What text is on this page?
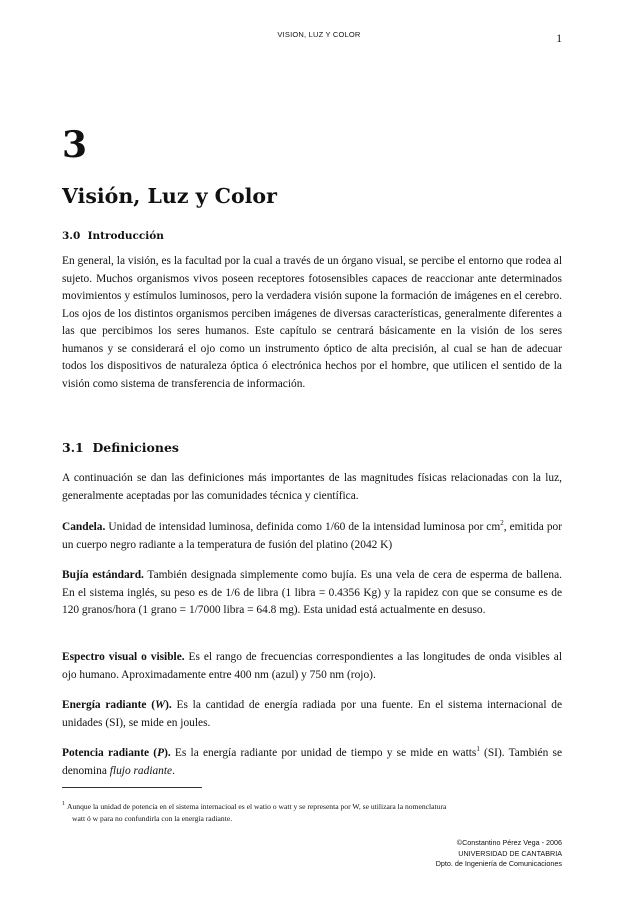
VISION, LUZ Y COLOR	1
3
Visión, Luz y Color
3.0 Introducción
En general, la visión, es la facultad por la cual a través de un órgano visual, se percibe el entorno que rodea al sujeto. Muchos organismos vivos poseen receptores fotosensibles capaces de reaccionar ante determinados movimientos y estímulos luminosos, pero la verdadera visión supone la formación de imágenes en el cerebro. Los ojos de los distintos organismos perciben imágenes de diversas características, generalmente diferentes a las que percibimos los seres humanos. Este capítulo se centrará básicamente en la visión de los seres humanos y se considerará el ojo como un instrumento óptico de alta precisión, al cual se han de adecuar todos los dispositivos de naturaleza óptica ó electrónica hechos por el hombre, que utilicen el sentido de la visión como sistema de transferencia de información.
3.1 Definiciones
A continuación se dan las definiciones más importantes de las magnitudes físicas relacionadas con la luz, generalmente aceptadas por las comunidades técnica y científica.
Candela. Unidad de intensidad luminosa, definida como 1/60 de la intensidad luminosa por $cm^2$, emitida por un cuerpo negro radiante a la temperatura de fusión del platino (2042 K)
Bujía estándard. También designada simplemente como bujía. Es una vela de cera de esperma de ballena. En el sistema inglés, su peso es de 1/6 de libra (1 libra = 0.4356 Kg) y la rapidez con que se consume es de 120 granos/hora (1 grano = 1/7000 libra = 64.8 mg). Esta unidad está actualmente en desuso.
Espectro visual o visible. Es el rango de frecuencias correspondientes a las longitudes de onda visibles al ojo humano. Aproximadamente entre 400 nm (azul) y 750 nm (rojo).
Energía radiante (W). Es la cantidad de energía radiada por una fuente. En el sistema internacional de unidades (SI), se mide en joules.
Potencia radiante (P). Es la energía radiante por unidad de tiempo y se mide en watts$^1$ (SI). También se denomina flujo radiante.
$^1$ Aunque la unidad de potencia en el sistema internacioal es el watio o watt y se representa por W, se utilizara la nomenclatura
watt ó w para no confundirla con la energía radiante.
©Constantino Pérez Vega - 2006
UNIVERSIDAD DE CANTABRIA
Dpto. de Ingeniería de Comunicaciones
